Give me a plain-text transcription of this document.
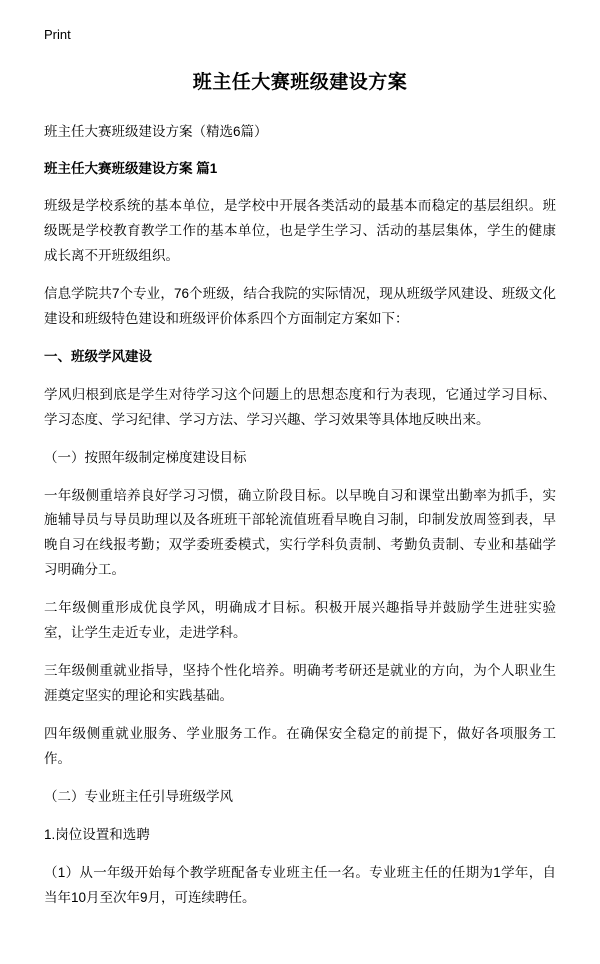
Print
班主任大赛班级建设方案
班主任大赛班级建设方案（精选6篇）
班主任大赛班级建设方案 篇1

班级是学校系统的基本单位，是学校中开展各类活动的最基本而稳定的基层组织。班级既是学校教育教学工作的基本单位，也是学生学习、活动的基层集体，学生的健康成长离不开班级组织。

信息学院共7个专业，76个班级，结合我院的实际情况，现从班级学风建设、班级文化建设和班级特色建设和班级评价体系四个方面制定方案如下：

一、班级学风建设

学风归根到底是学生对待学习这个问题上的思想态度和行为表现，它通过学习目标、学习态度、学习纪律、学习方法、学习兴趣、学习效果等具体地反映出来。

（一）按照年级制定梯度建设目标

一年级侧重培养良好学习习惯，确立阶段目标。以早晚自习和课堂出勤率为抓手，实施辅导员与导员助理以及各班班干部轮流值班看早晚自习制，印制发放周签到表，早晚自习在线报考勤；双学委班委模式，实行学科负责制、考勤负责制、专业和基础学习明确分工。

二年级侧重形成优良学风，明确成才目标。积极开展兴趣指导并鼓励学生进驻实验室，让学生走近专业，走进学科。

三年级侧重就业指导，坚持个性化培养。明确考考研还是就业的方向，为个人职业生涯奠定坚实的理论和实践基础。

四年级侧重就业服务、学业服务工作。在确保安全稳定的前提下，做好各项服务工作。

（二）专业班主任引导班级学风

1.岗位设置和选聘

（1）从一年级开始每个教学班配备专业班主任一名。专业班主任的任期为1学年，自当年10月至次年9月，可连续聘任。
